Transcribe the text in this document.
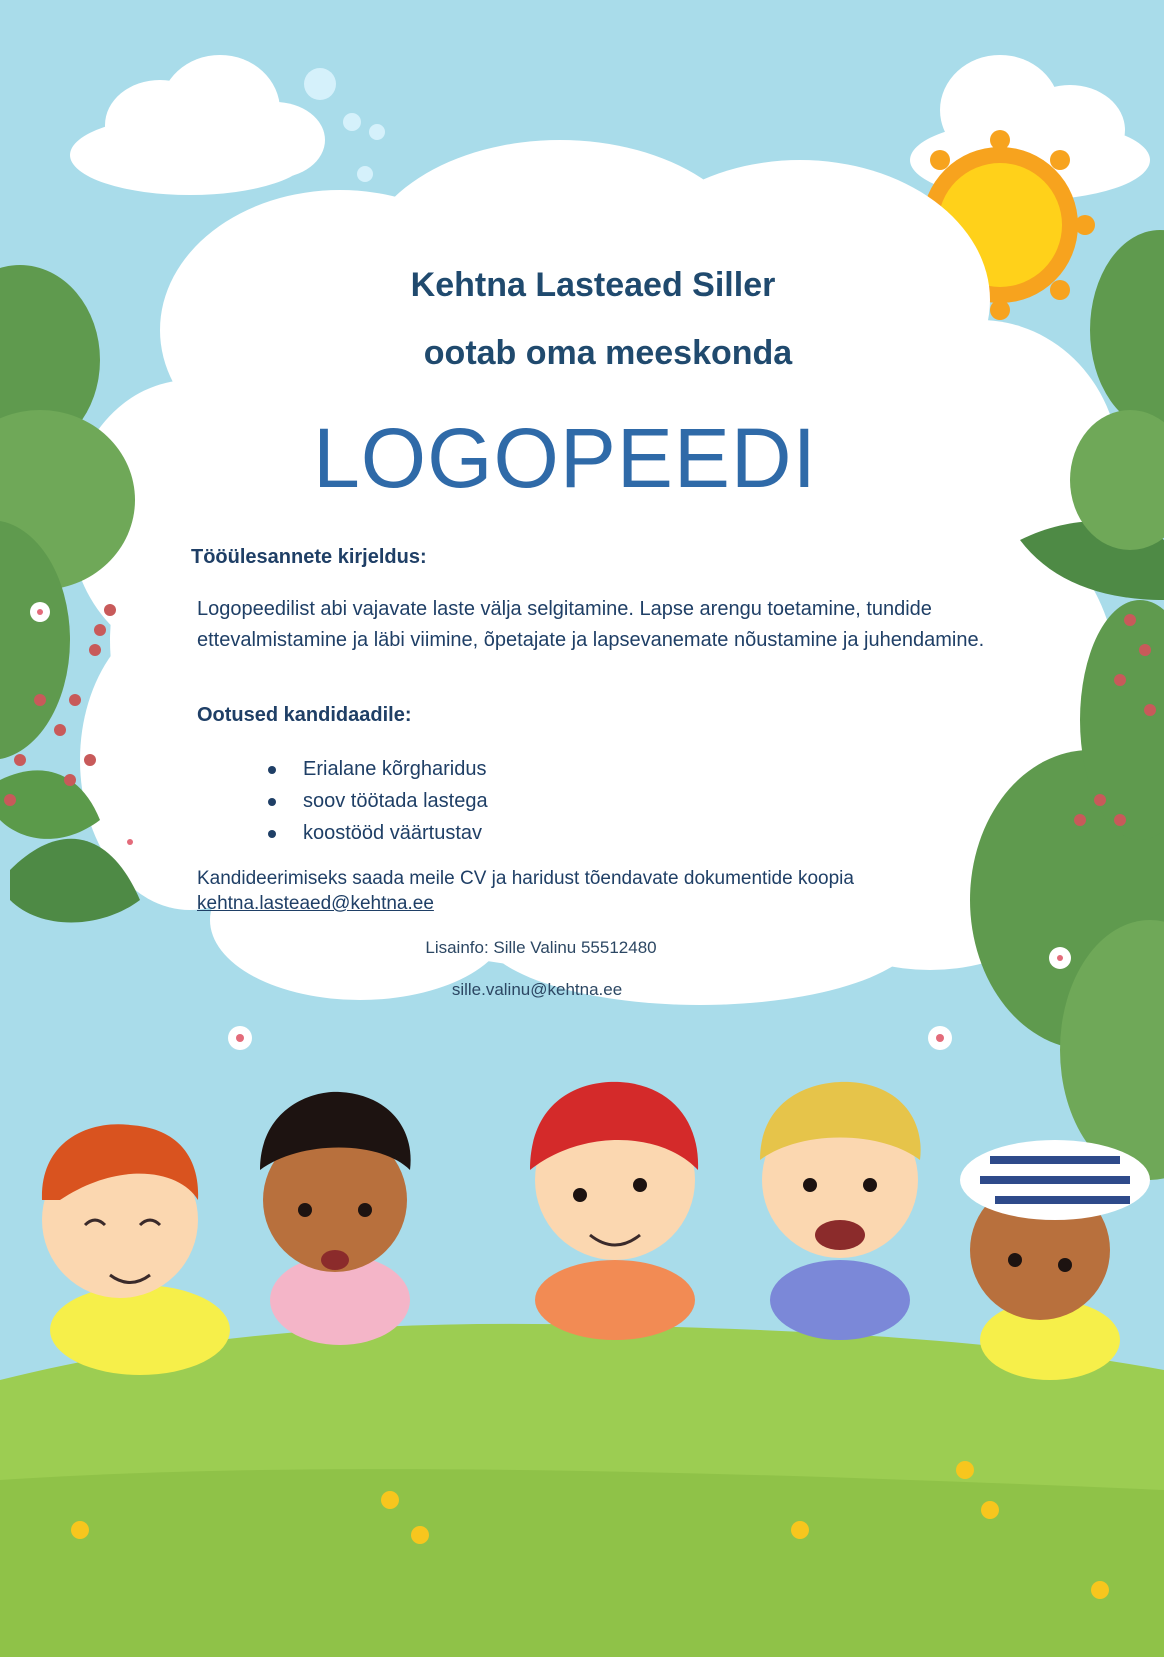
Kehtna Lasteaed Siller
ootab oma meeskonda
LOGOPEEDI
Tööülesannete kirjeldus:

Logopeedilist abi vajavate laste välja selgitamine. Lapse arengu toetamine, tundide ettevalmistamine ja läbi viimine, õpetajate ja lapsevanemate nõustamine ja juhendamine.

Ootused kandidaadile:
Erialane kõrgharidus
soov töötada lastega
koostööd väärtustav
Kandideerimiseks saada meile CV ja haridust tõendavate dokumentide koopia
kehtna.lasteaed@kehtna.ee
Lisainfo: Sille Valinu 55512480
sille.valinu@kehtna.ee
